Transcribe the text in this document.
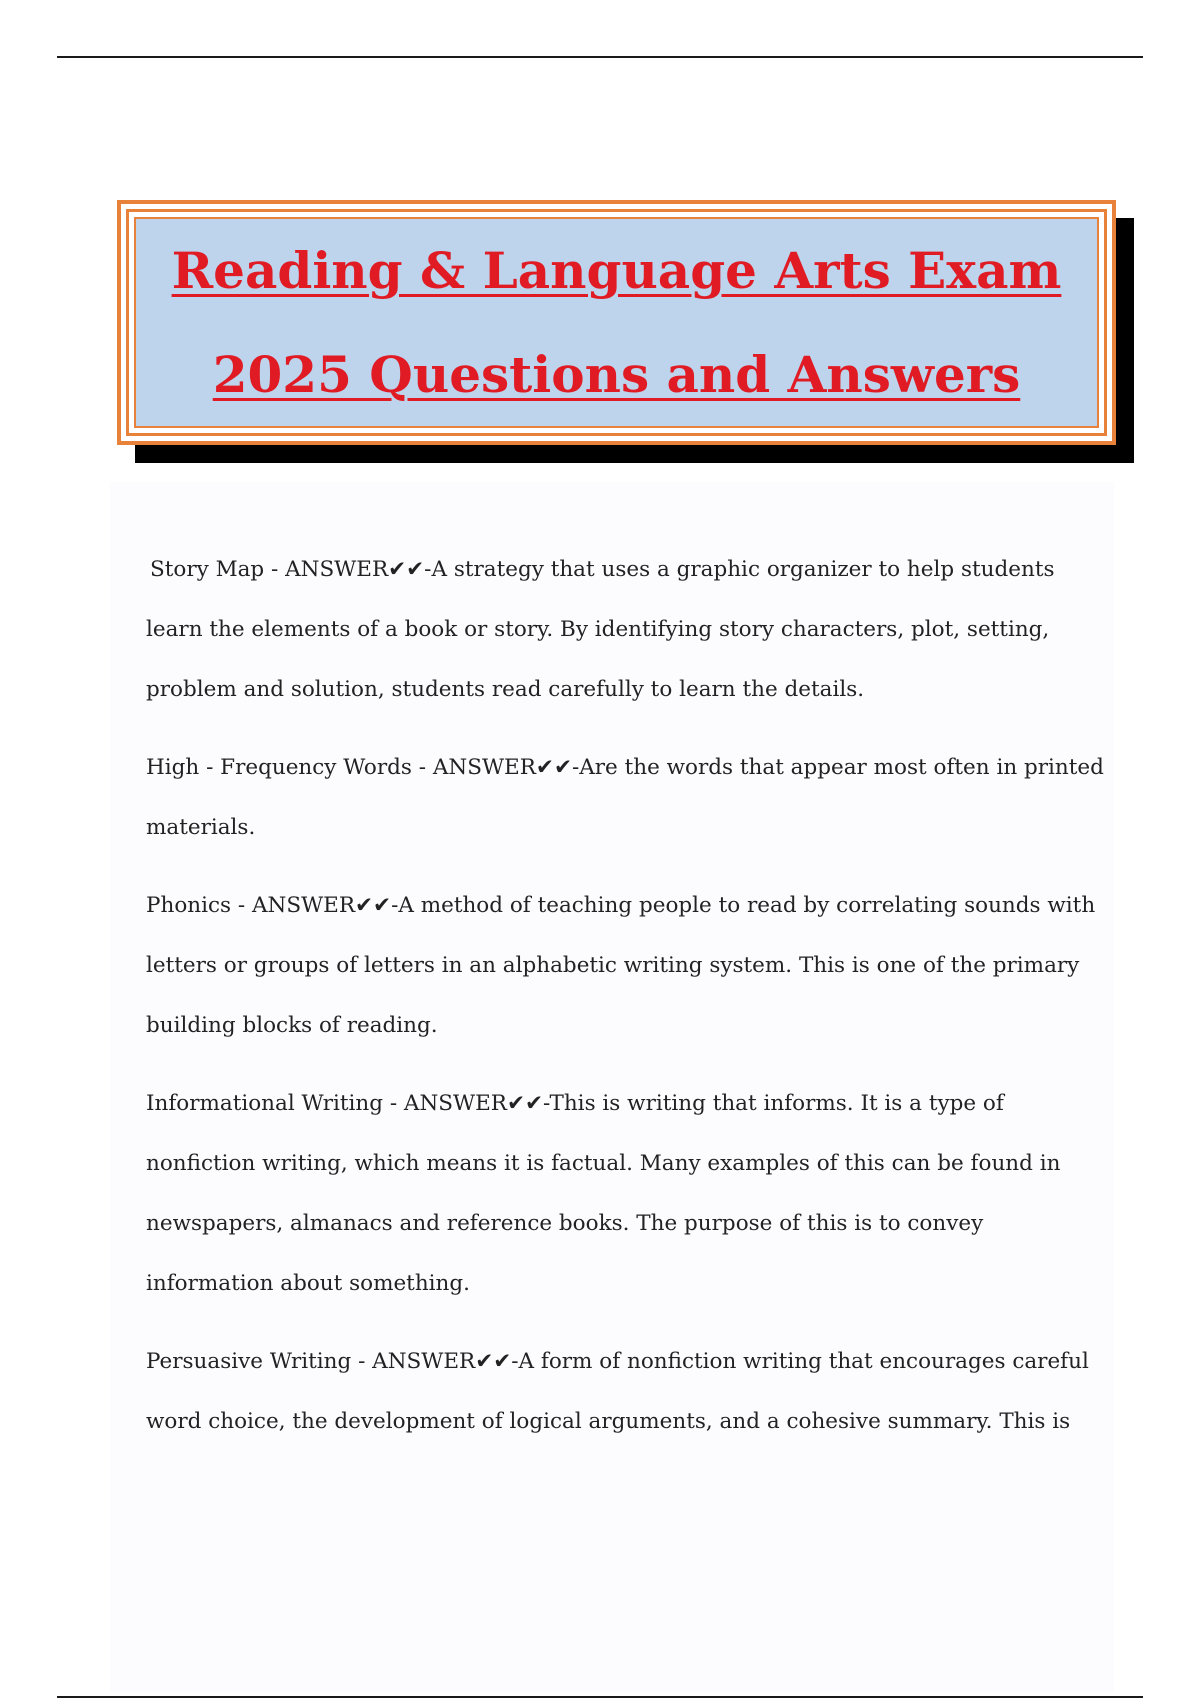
Reading & Language Arts Exam
2025 Questions and Answers

Story Map - ANSWER✔✔-A strategy that uses a graphic organizer to help students learn the elements of a book or story. By identifying story characters, plot, setting, problem and solution, students read carefully to learn the details.

High - Frequency Words - ANSWER✔✔-Are the words that appear most often in printed materials.

Phonics - ANSWER✔✔-A method of teaching people to read by correlating sounds with letters or groups of letters in an alphabetic writing system. This is one of the primary building blocks of reading.

Informational Writing - ANSWER✔✔-This is writing that informs. It is a type of nonfiction writing, which means it is factual. Many examples of this can be found in newspapers, almanacs and reference books. The purpose of this is to convey information about something.

Persuasive Writing - ANSWER✔✔-A form of nonfiction writing that encourages careful word choice, the development of logical arguments, and a cohesive summary. This is
